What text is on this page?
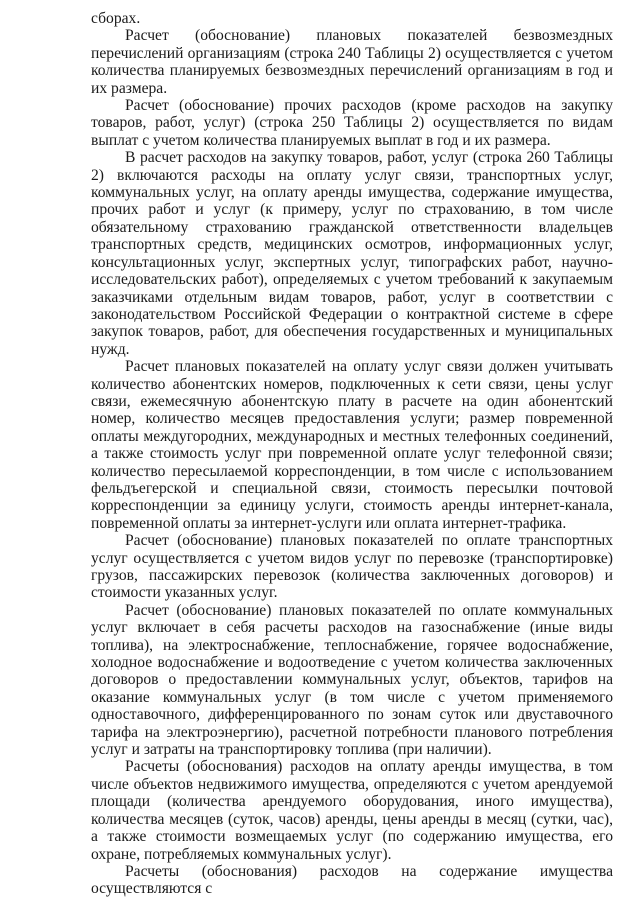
сборах.

Расчет (обоснование) плановых показателей безвозмездных перечислений организациям (строка 240 Таблицы 2) осуществляется с учетом количества планируемых безвозмездных перечислений организациям в год и их размера.

Расчет (обоснование) прочих расходов (кроме расходов на закупку товаров, работ, услуг) (строка 250 Таблицы 2) осуществляется по видам выплат с учетом количества планируемых выплат в год и их размера.

В расчет расходов на закупку товаров, работ, услуг (строка 260 Таблицы 2) включаются расходы на оплату услуг связи, транспортных услуг, коммунальных услуг, на оплату аренды имущества, содержание имущества, прочих работ и услуг (к примеру, услуг по страхованию, в том числе обязательному страхованию гражданской ответственности владельцев транспортных средств, медицинских осмотров, информационных услуг, консультационных услуг, экспертных услуг, типографских работ, научно-исследовательских работ), определяемых с учетом требований к закупаемым заказчиками отдельным видам товаров, работ, услуг в соответствии с законодательством Российской Федерации о контрактной системе в сфере закупок товаров, работ, для обеспечения государственных и муниципальных нужд.

Расчет плановых показателей на оплату услуг связи должен учитывать количество абонентских номеров, подключенных к сети связи, цены услуг связи, ежемесячную абонентскую плату в расчете на один абонентский номер, количество месяцев предоставления услуги; размер повременной оплаты междугородних, международных и местных телефонных соединений, а также стоимость услуг при повременной оплате услуг телефонной связи; количество пересылаемой корреспонденции, в том числе с использованием фельдъегерской и специальной связи, стоимость пересылки почтовой корреспонденции за единицу услуги, стоимость аренды интернет-канала, повременной оплаты за интернет-услуги или оплата интернет-трафика.

Расчет (обоснование) плановых показателей по оплате транспортных услуг осуществляется с учетом видов услуг по перевозке (транспортировке) грузов, пассажирских перевозок (количества заключенных договоров) и стоимости указанных услуг.

Расчет (обоснование) плановых показателей по оплате коммунальных услуг включает в себя расчеты расходов на газоснабжение (иные виды топлива), на электроснабжение, теплоснабжение, горячее водоснабжение, холодное водоснабжение и водоотведение с учетом количества заключенных договоров о предоставлении коммунальных услуг, объектов, тарифов на оказание коммунальных услуг (в том числе с учетом применяемого одноставочного, дифференцированного по зонам суток или двуставочного тарифа на электроэнергию), расчетной потребности планового потребления услуг и затраты на транспортировку топлива (при наличии).

Расчеты (обоснования) расходов на оплату аренды имущества, в том числе объектов недвижимого имущества, определяются с учетом арендуемой площади (количества арендуемого оборудования, иного имущества), количества месяцев (суток, часов) аренды, цены аренды в месяц (сутки, час), а также стоимости возмещаемых услуг (по содержанию имущества, его охране, потребляемых коммунальных услуг).

Расчеты (обоснования) расходов на содержание имущества осуществляются с
